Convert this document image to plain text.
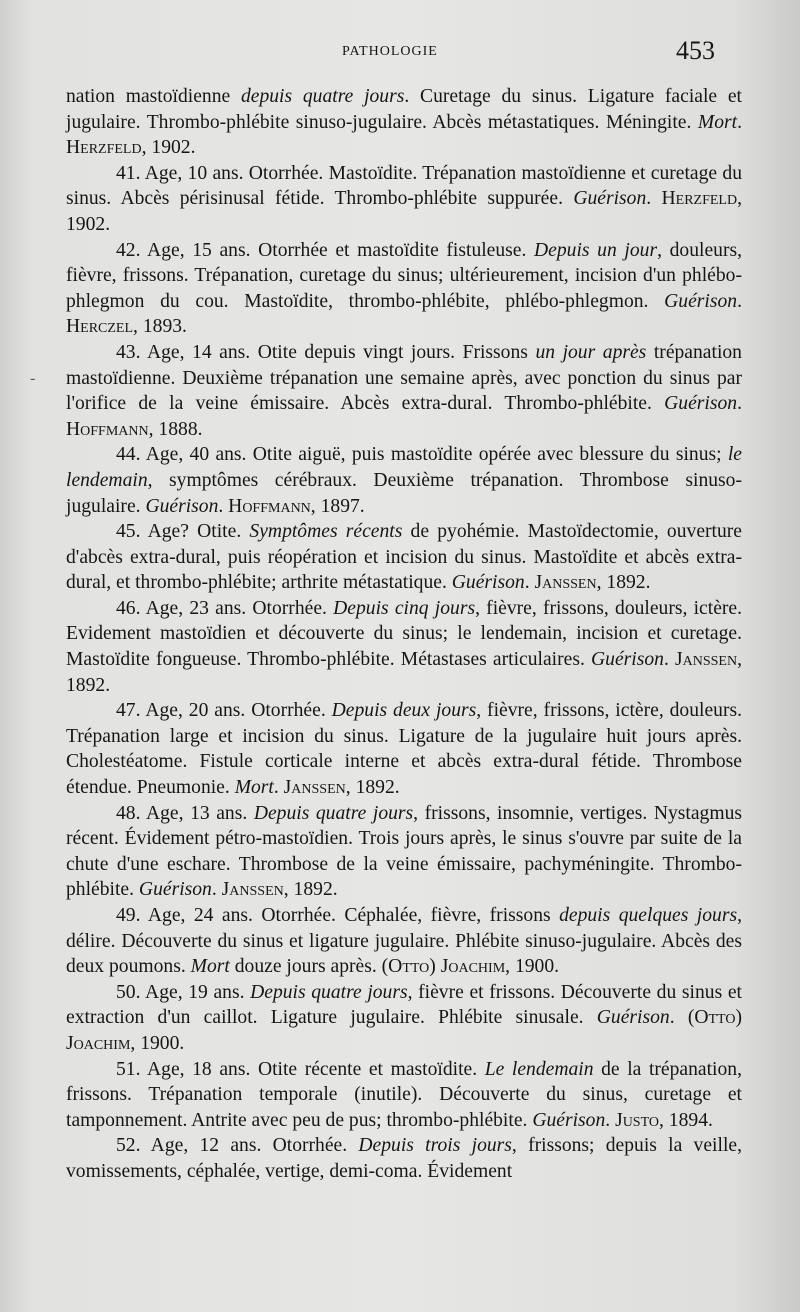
PATHOLOGIE	453
-

nation mastoïdienne depuis quatre jours. Curetage du sinus. Ligature faciale et jugulaire. Thrombo-phlébite sinuso-jugulaire. Abcès métastatiques. Méningite. Mort. Herzfeld, 1902.

41. Age, 10 ans. Otorrhée. Mastoïdite. Trépanation mastoïdienne et curetage du sinus. Abcès périsinusal fétide. Thrombo-phlébite suppurée. Guérison. Herzfeld, 1902.

42. Age, 15 ans. Otorrhée et mastoïdite fistuleuse. Depuis un jour, douleurs, fièvre, frissons. Trépanation, curetage du sinus; ultérieurement, incision d'un phlébo-phlegmon du cou. Mastoïdite, thrombo-phlébite, phlébo-phlegmon. Guérison. Herczel, 1893.

43. Age, 14 ans. Otite depuis vingt jours. Frissons un jour après trépanation mastoïdienne. Deuxième trépanation une semaine après, avec ponction du sinus par l'orifice de la veine émissaire. Abcès extra-dural. Thrombo-phlébite. Guérison. Hoffmann, 1888.

44. Age, 40 ans. Otite aiguë, puis mastoïdite opérée avec blessure du sinus; le lendemain, symptômes cérébraux. Deuxième trépanation. Thrombose sinuso-jugulaire. Guérison. Hoffmann, 1897.

45. Age? Otite. Symptômes récents de pyohémie. Mastoïdectomie, ouverture d'abcès extra-dural, puis réopération et incision du sinus. Mastoïdite et abcès extra-dural, et thrombo-phlébite; arthrite métastatique. Guérison. Janssen, 1892.

46. Age, 23 ans. Otorrhée. Depuis cinq jours, fièvre, frissons, douleurs, ictère. Evidement mastoïdien et découverte du sinus; le lendemain, incision et curetage. Mastoïdite fongueuse. Thrombo-phlébite. Métastases articulaires. Guérison. Janssen, 1892.

47. Age, 20 ans. Otorrhée. Depuis deux jours, fièvre, frissons, ictère, douleurs. Trépanation large et incision du sinus. Ligature de la jugulaire huit jours après. Cholestéatome. Fistule corticale interne et abcès extra-dural fétide. Thrombose étendue. Pneumonie. Mort. Janssen, 1892.

48. Age, 13 ans. Depuis quatre jours, frissons, insomnie, vertiges. Nystagmus récent. Évidement pétro-mastoïdien. Trois jours après, le sinus s'ouvre par suite de la chute d'une eschare. Thrombose de la veine émissaire, pachyméningite. Thrombo-phlébite. Guérison. Janssen, 1892.

49. Age, 24 ans. Otorrhée. Céphalée, fièvre, frissons depuis quelques jours, délire. Découverte du sinus et ligature jugulaire. Phlébite sinuso-jugulaire. Abcès des deux poumons. Mort douze jours après. (Otto) Joachim, 1900.

50. Age, 19 ans. Depuis quatre jours, fièvre et frissons. Découverte du sinus et extraction d'un caillot. Ligature jugulaire. Phlébite sinusale. Guérison. (Otto) Joachim, 1900.

51. Age, 18 ans. Otite récente et mastoïdite. Le lendemain de la trépanation, frissons. Trépanation temporale (inutile). Découverte du sinus, curetage et tamponnement. Antrite avec peu de pus; thrombo-phlébite. Guérison. Justo, 1894.

52. Age, 12 ans. Otorrhée. Depuis trois jours, frissons; depuis la veille, vomissements, céphalée, vertige, demi-coma. Évidement
